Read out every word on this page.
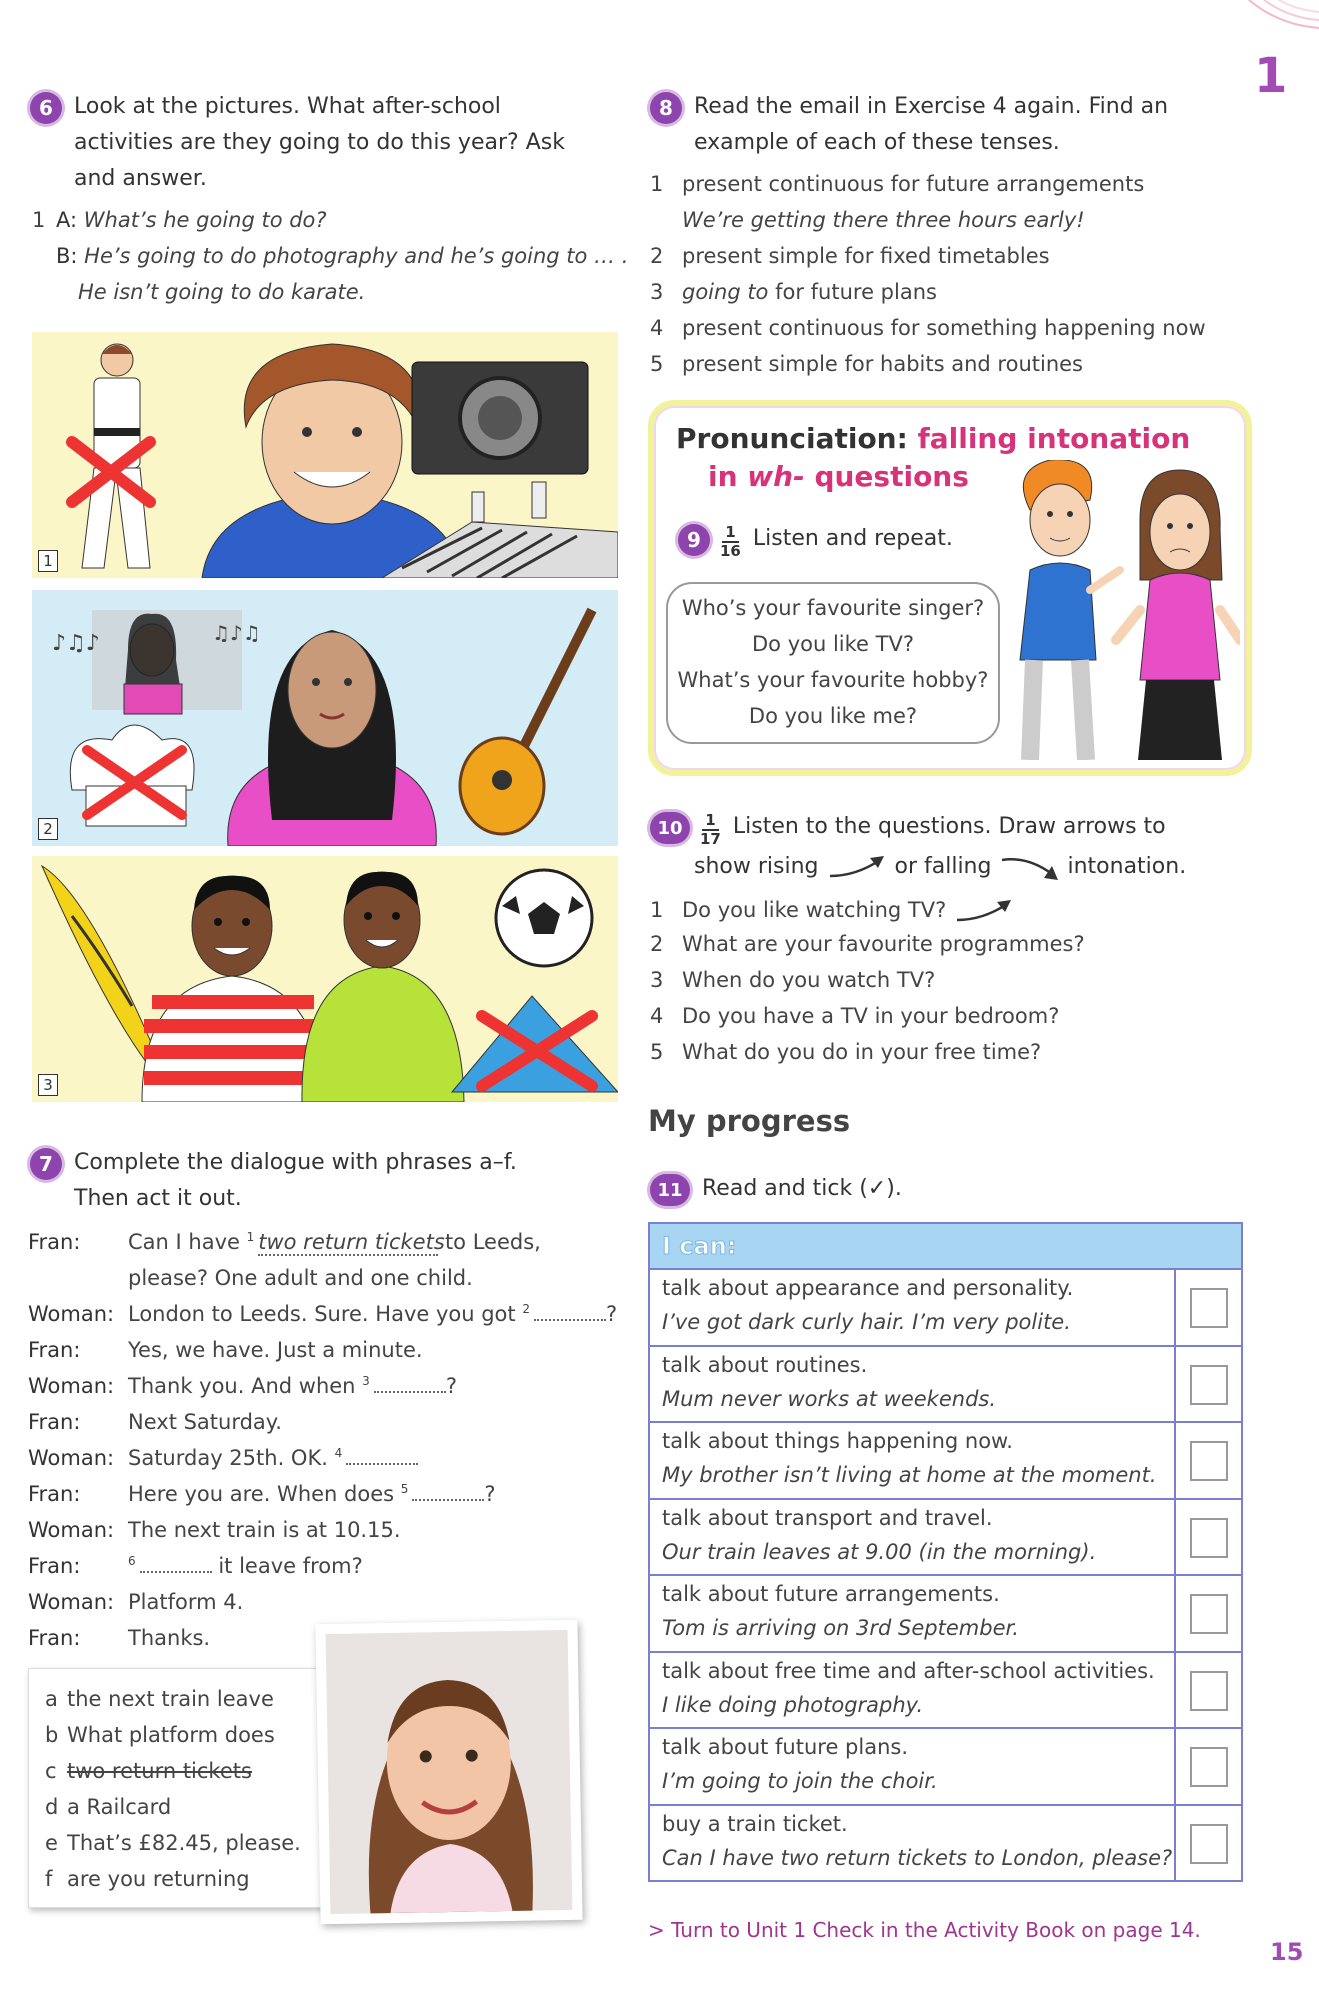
1
6 Look at the pictures. What after-school
activities are they going to do this year? Ask
and answer.
1 A: What’s he going to do?
B: He’s going to do photography and he’s going to … .
He isn’t going to do karate.
1
♪♫♪	♫♪♫
2
3
7 Complete the dialogue with phrases a–f.
Then act it out.
Fran: Can I have $^1$ two return tickets to Leeds,
please? One adult and one child.
Woman: London to Leeds. Sure. Have you got $^2$	?
Fran: Yes, we have. Just a minute.
Woman: Thank you. And when $^3$	?
Fran: Next Saturday.
Woman: Saturday 25th. OK. $^4$
Fran: Here you are. When does $^5$	?
Woman: The next train is at 10.15.
Fran:	$^6$	it leave from?
Woman: Platform 4.
Fran: Thanks.
a the next train leave
b What platform does
c two return tickets
d a Railcard
e That’s £82.45, please.
f are you returning
8 Read the email in Exercise 4 again. Find an
example of each of these tenses.
1 present continuous for future arrangements
We’re getting there three hours early!
2 present simple for fixed timetables
3 going to for future plans
4 present continuous for something happening now
5 present simple for habits and routines
Pronunciation: falling intonation
in wh- questions
9	1
16 Listen and repeat.
Who’s your favourite singer?
Do you like TV?
What’s your favourite hobby?
Do you like me?
10	1
17 Listen to the questions. Draw arrows to
show rising	or falling	intonation.
1 Do you like watching TV?
2 What are your favourite programmes?
3 When do you watch TV?
4 Do you have a TV in your bedroom?
5 What do you do in your free time?
My progress
11 Read and tick (✓).
I can:
talk about appearance and personality.
I’ve got dark curly hair. I’m very polite.
talk about routines.
Mum never works at weekends.
talk about things happening now.
My brother isn’t living at home at the moment.
talk about transport and travel.
Our train leaves at 9.00 (in the morning).
talk about future arrangements.
Tom is arriving on 3rd September.
talk about free time and after-school activities.
I like doing photography.
talk about future plans.
I’m going to join the choir.
buy a train ticket.
Can I have two return tickets to London, please?
> Turn to Unit 1 Check in the Activity Book on page 14.
15
